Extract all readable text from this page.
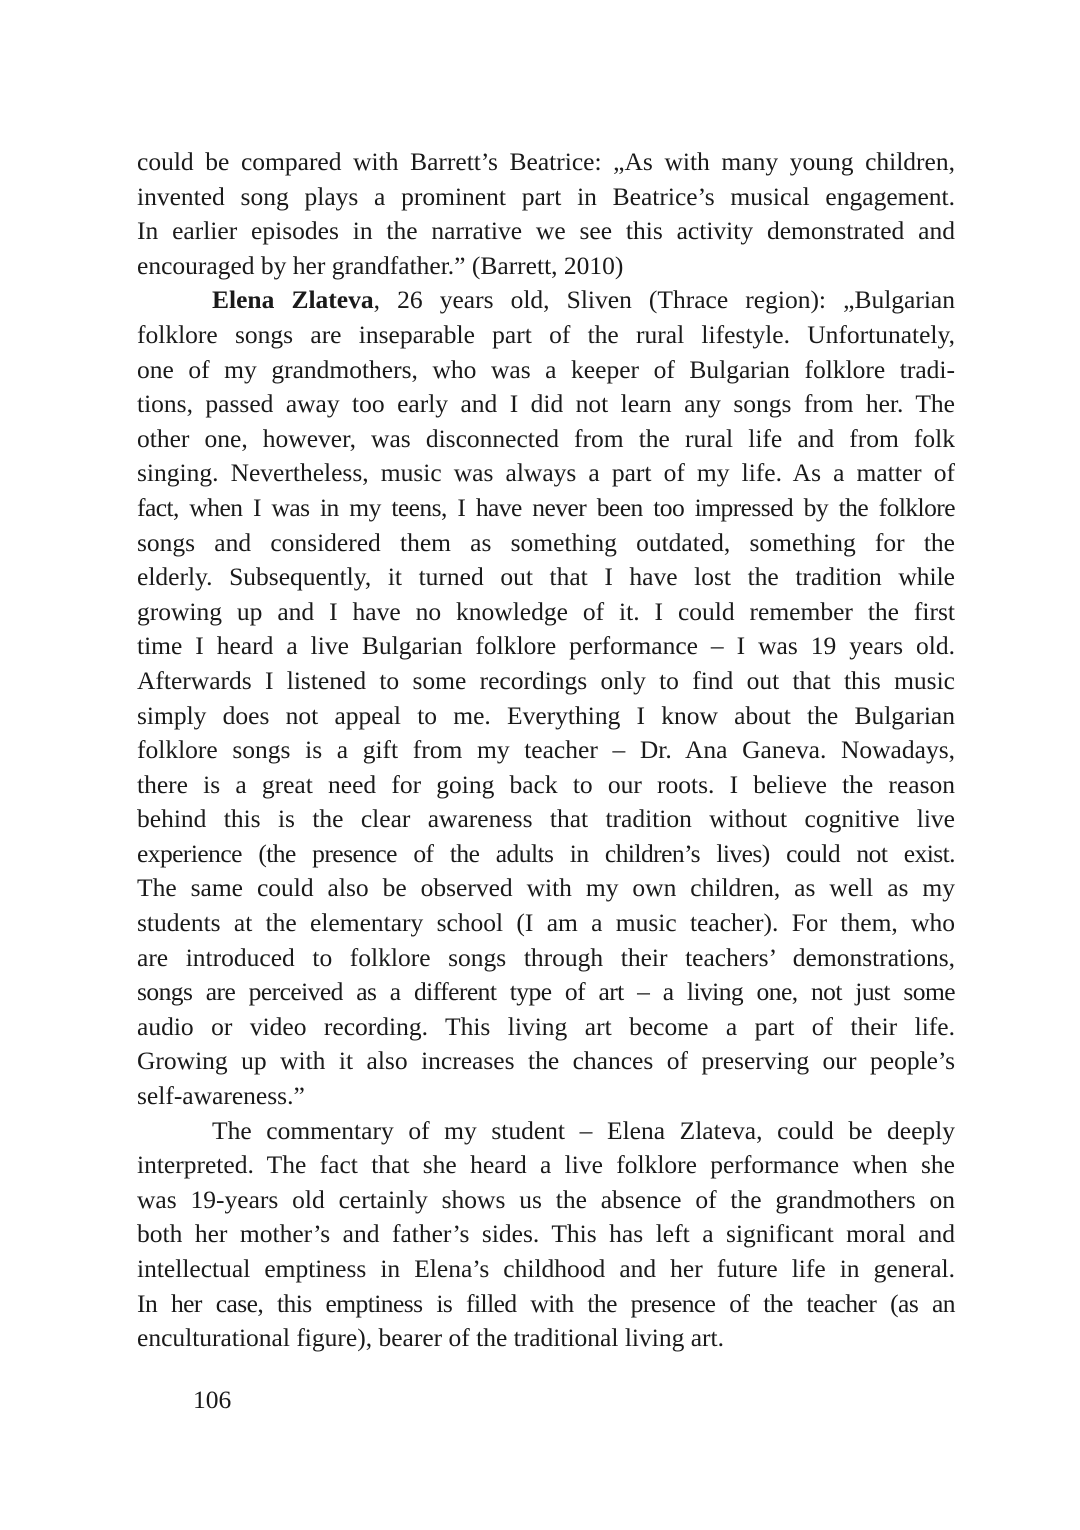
could be compared with Barrett’s Beatrice: „As with many young children,
invented song plays a prominent part in Beatrice’s musical engagement.
In earlier episodes in the narrative we see this activity demonstrated and
encouraged by her grandfather.” (Barrett, 2010)
Elena Zlateva, 26 years old, Sliven (Thrace region): „Bulgarian
folklore songs are inseparable part of the rural lifestyle. Unfortunately,
one of my grandmothers, who was a keeper of Bulgarian folklore tradi-
tions, passed away too early and I did not learn any songs from her. The
other one, however, was disconnected from the rural life and from folk
singing. Nevertheless, music was always a part of my life. As a matter of
fact, when I was in my teens, I have never been too impressed by the folklore
songs and considered them as something outdated, something for the
elderly. Subsequently, it turned out that I have lost the tradition while
growing up and I have no knowledge of it. I could remember the first
time I heard a live Bulgarian folklore performance – I was 19 years old.
Afterwards I listened to some recordings only to find out that this music
simply does not appeal to me. Everything I know about the Bulgarian
folklore songs is a gift from my teacher – Dr. Ana Ganeva. Nowadays,
there is a great need for going back to our roots. I believe the reason
behind this is the clear awareness that tradition without cognitive live
experience (the presence of the adults in children’s lives) could not exist.
The same could also be observed with my own children, as well as my
students at the elementary school (I am a music teacher). For them, who
are introduced to folklore songs through their teachers’ demonstrations,
songs are perceived as a different type of art – a living one, not just some
audio or video recording. This living art become a part of their life.
Growing up with it also increases the chances of preserving our people’s
self-awareness.”
The commentary of my student – Elena Zlateva, could be deeply
interpreted. The fact that she heard a live folklore performance when she
was 19-years old certainly shows us the absence of the grandmothers on
both her mother’s and father’s sides. This has left a significant moral and
intellectual emptiness in Elena’s childhood and her future life in general.
In her case, this emptiness is filled with the presence of the teacher (as an
enculturational figure), bearer of the traditional living art.
106
